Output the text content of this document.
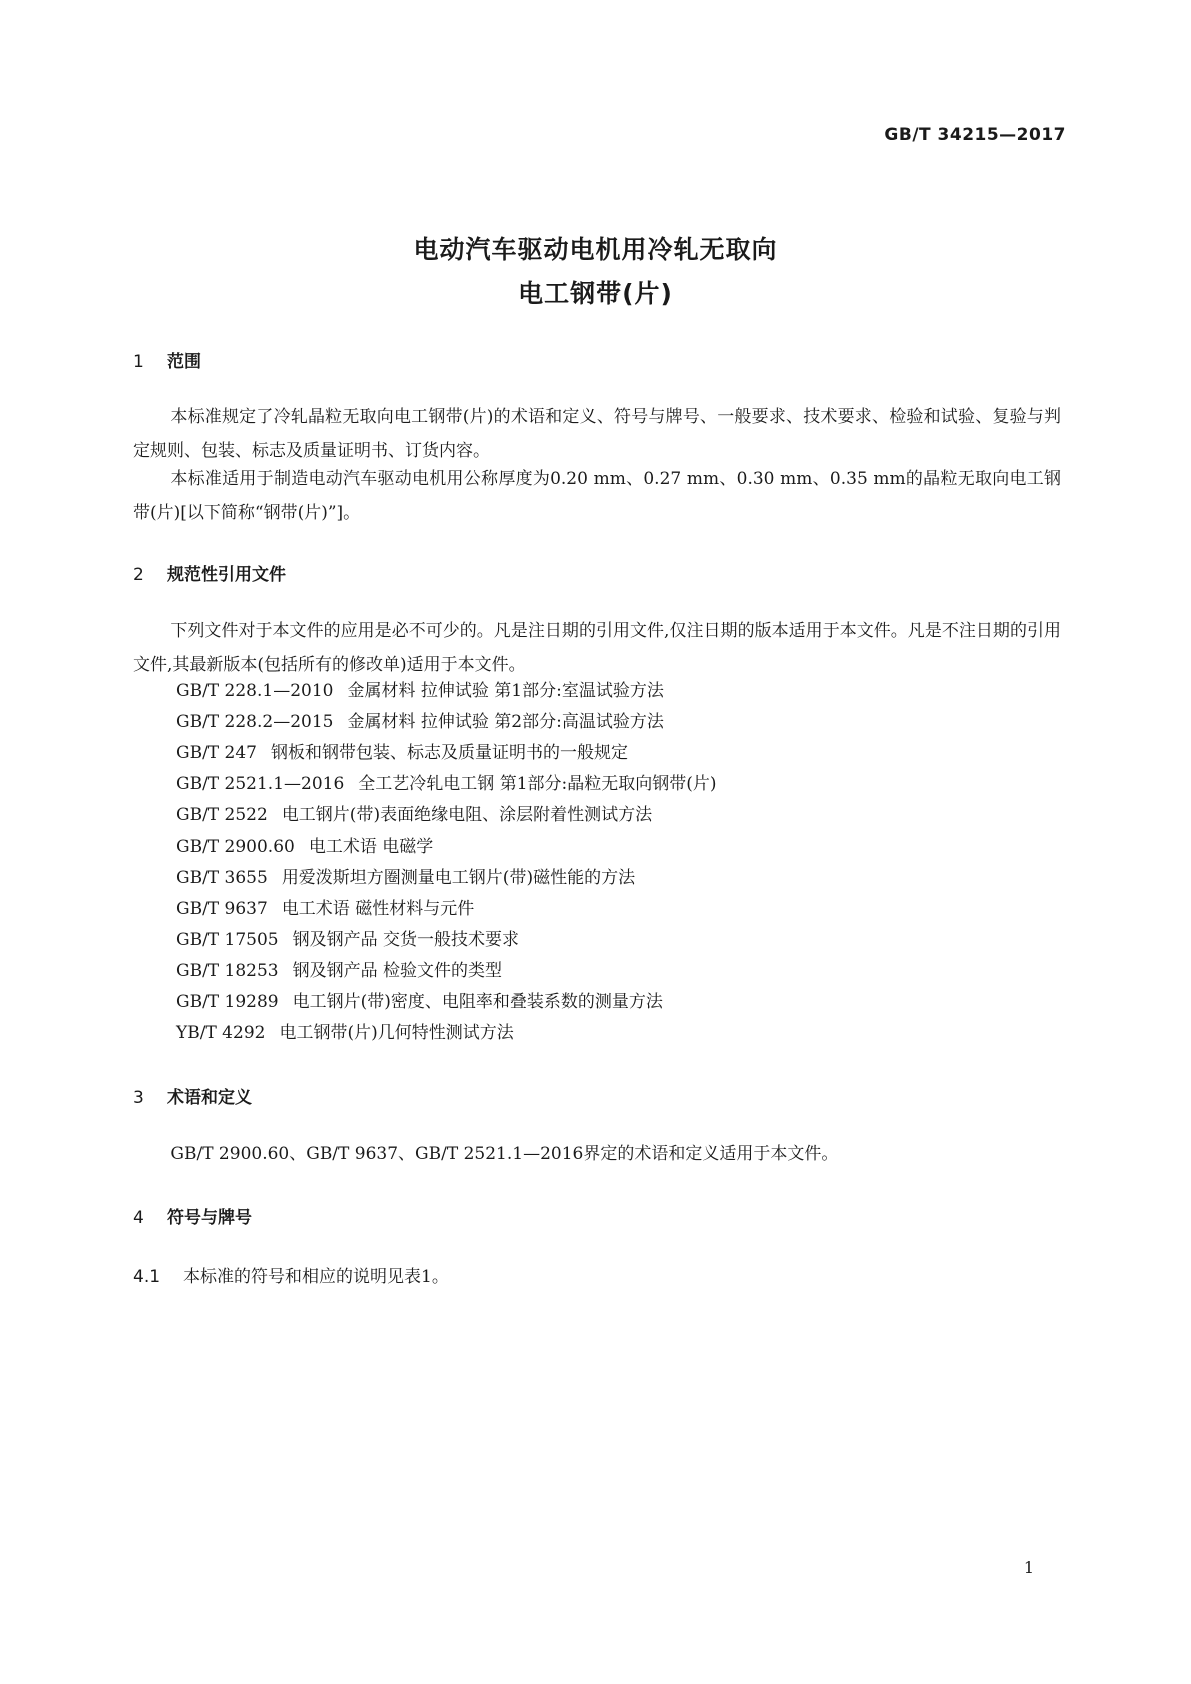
GB/T 34215—2017
电动汽车驱动电机用冷轧无取向
电工钢带(片)
1 范围
本标准规定了冷轧晶粒无取向电工钢带(片)的术语和定义、符号与牌号、一般要求、技术要求、检验和试验、复验与判定规则、包装、标志及质量证明书、订货内容。
本标准适用于制造电动汽车驱动电机用公称厚度为0.20 mm、0.27 mm、0.30 mm、0.35 mm的晶粒无取向电工钢带(片)[以下简称“钢带(片)”]。
2 规范性引用文件
下列文件对于本文件的应用是必不可少的。凡是注日期的引用文件,仅注日期的版本适用于本文件。凡是不注日期的引用文件,其最新版本(包括所有的修改单)适用于本文件。
GB/T 228.1—2010 金属材料 拉伸试验 第1部分:室温试验方法
GB/T 228.2—2015 金属材料 拉伸试验 第2部分:高温试验方法
GB/T 247 钢板和钢带包装、标志及质量证明书的一般规定
GB/T 2521.1—2016 全工艺冷轧电工钢 第1部分:晶粒无取向钢带(片)
GB/T 2522 电工钢片(带)表面绝缘电阻、涂层附着性测试方法
GB/T 2900.60 电工术语 电磁学
GB/T 3655 用爱泼斯坦方圈测量电工钢片(带)磁性能的方法
GB/T 9637 电工术语 磁性材料与元件
GB/T 17505 钢及钢产品 交货一般技术要求
GB/T 18253 钢及钢产品 检验文件的类型
GB/T 19289 电工钢片(带)密度、电阻率和叠装系数的测量方法
YB/T 4292 电工钢带(片)几何特性测试方法
3 术语和定义
GB/T 2900.60、GB/T 9637、GB/T 2521.1—2016界定的术语和定义适用于本文件。
4 符号与牌号
4.1 本标准的符号和相应的说明见表1。
1
